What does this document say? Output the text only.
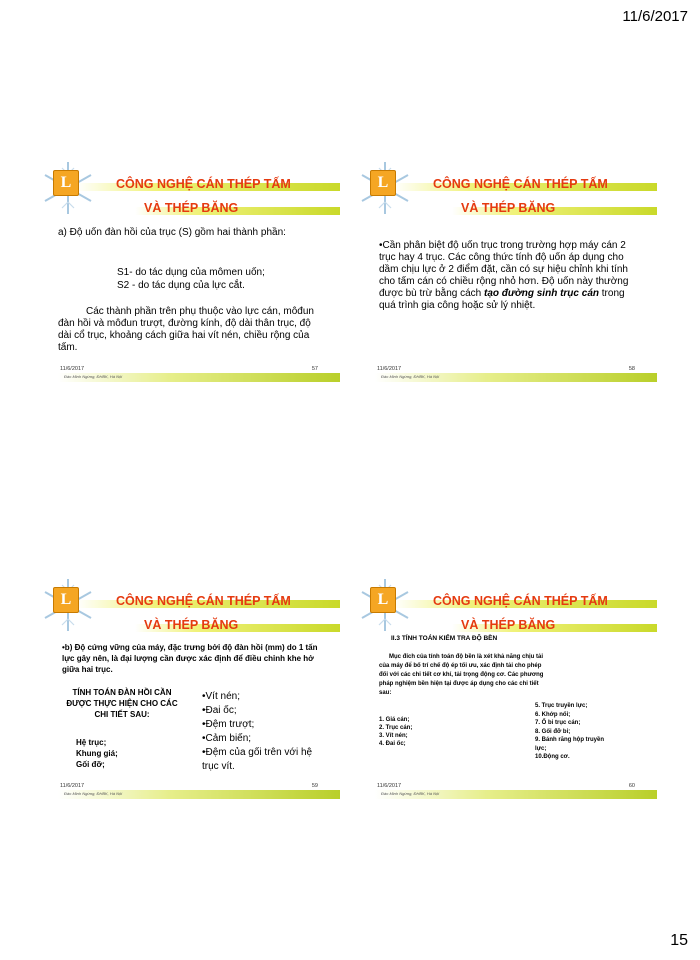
11/6/2017
L	CÔNG NGHỆ CÁN THÉP TẤM
VÀ THÉP BĂNG
a) Độ uốn đàn hồi của trục (S) gồm hai thành phần:
S1- do tác dụng của mômen uốn;
S2 - do tác dụng của lực cắt.
Các thành phần trên phụ thuộc vào lực cán, môđun đàn hồi và môđun trượt, đường kính, độ dài thân trục, độ dài cổ trục, khoảng cách giữa hai vít nén, chiều rộng của tấm.
11/6/2017	57
Đào Minh Ngừng, ĐHBK, Hà Nội
L	CÔNG NGHỆ CÁN THÉP TẤM
VÀ THÉP BĂNG
•Cần phân biệt độ uốn trục trong trường hợp máy cán 2 trục hay 4 trục. Các công thức tính độ uốn áp dụng cho dầm chịu lực ở 2 điểm đặt, cần có sự hiệu chỉnh khi tính cho tấm cán có chiều rộng nhỏ hơn. Độ uốn này thường được bù trừ bằng cách tạo đường sinh trục cán trong quá trình gia công hoặc sử lý nhiệt.
11/6/2017	58
Đào Minh Ngừng, ĐHBK, Hà Nội
L	CÔNG NGHỆ CÁN THÉP TẤM
VÀ THÉP BĂNG
•b) Độ cứng vững của máy, đặc trưng bởi độ đàn hồi (mm) do 1 tấn lực gây nên, là đại lượng cần được xác định để điều chỉnh khe hở giữa hai trục.
TÍNH TOÁN ĐÀN HỒI CẦN ĐƯỢC THỰC HIỆN CHO CÁC CHI TIẾT SAU:
Hệ trục;
Khung giá;
Gối đỡ;
•Vít nén;
•Đai ốc;
•Đệm trượt;
•Cảm biến;
•Đệm của gối trên với hệ trục vít.
11/6/2017	59
Đào Minh Ngừng, ĐHBK, Hà Nội
L	CÔNG NGHỆ CÁN THÉP TẤM
VÀ THÉP BĂNG
II.3 TÍNH TOÁN KIỂM TRA ĐỘ BỀN
Mục đích của tính toán độ bền là xét khả năng chịu tải của máy để bố trí chế độ ép tối ưu, xác định tải cho phép đối với các chi tiết cơ khí, tải trọng động cơ. Các phương pháp nghiệm bền hiện tại được áp dụng cho các chi tiết sau:
1. Giá cán;
2. Trục cán;
3. Vít nén;
4. Đai ốc;
5. Trục truyền lực;
6. Khớp nối;
7. Ổ bi trục cán;
8. Gối đỡ bi;
9. Bánh răng hộp truyền lực;
10.Động cơ.
11/6/2017	60
Đào Minh Ngừng, ĐHBK, Hà Nội
15
